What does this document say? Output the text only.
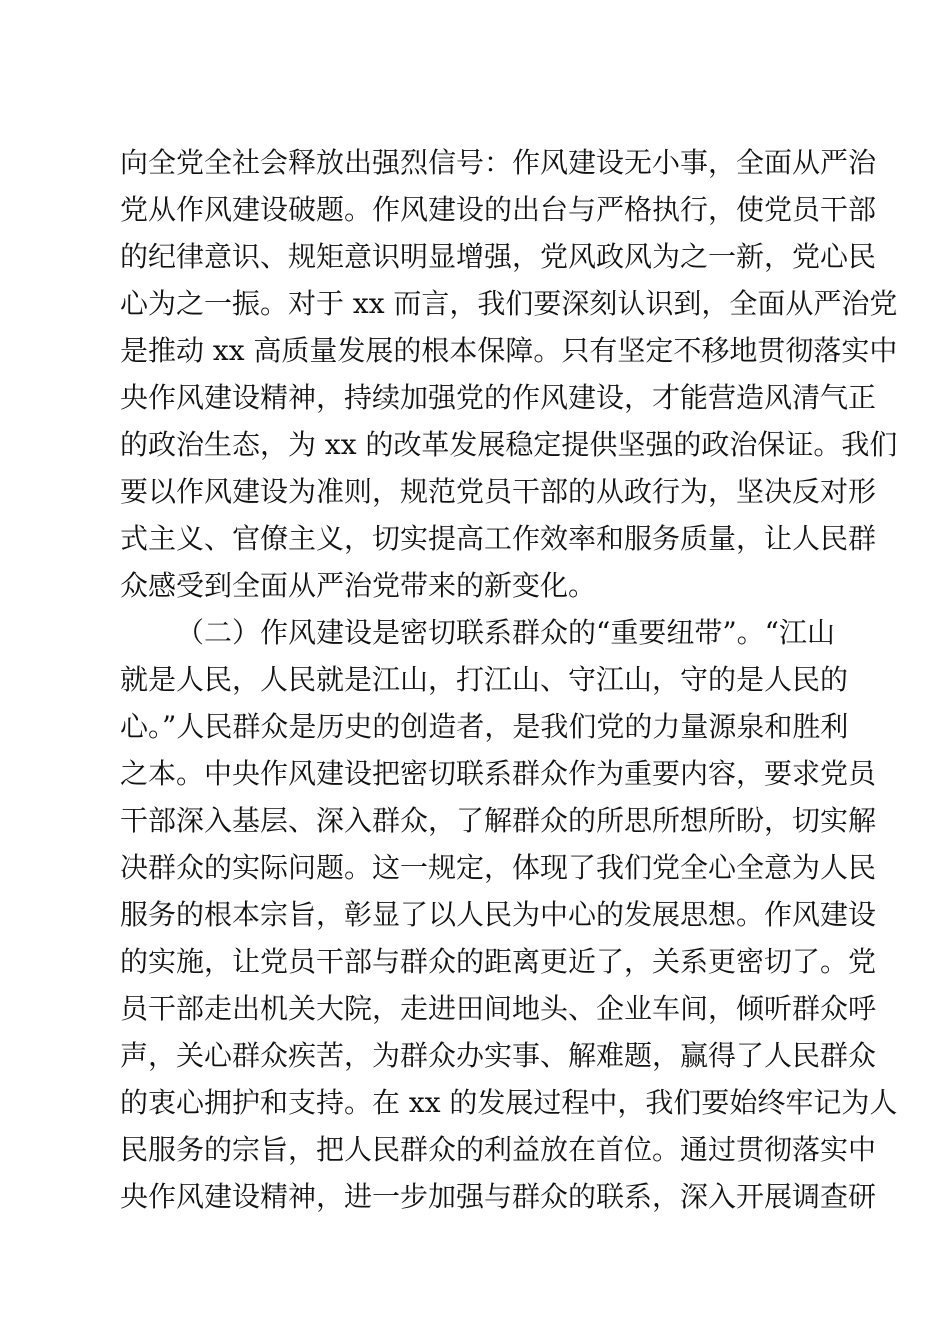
向全党全社会释放出强烈信号：作风建设无小事，全面从严治
党从作风建设破题。作风建设的出台与严格执行，使党员干部
的纪律意识、规矩意识明显增强，党风政风为之一新，党心民
心为之一振。对于 xx 而言，我们要深刻认识到，全面从严治党
是推动 xx 高质量发展的根本保障。只有坚定不移地贯彻落实中
央作风建设精神，持续加强党的作风建设，才能营造风清气正
的政治生态，为 xx 的改革发展稳定提供坚强的政治保证。我们
要以作风建设为准则，规范党员干部的从政行为，坚决反对形
式主义、官僚主义，切实提高工作效率和服务质量，让人民群
众感受到全面从严治党带来的新变化。
（二）作风建设是密切联系群众的“重要纽带”。“江山
就是人民，人民就是江山，打江山、守江山，守的是人民的
心。”人民群众是历史的创造者，是我们党的力量源泉和胜利
之本。中央作风建设把密切联系群众作为重要内容，要求党员
干部深入基层、深入群众，了解群众的所思所想所盼，切实解
决群众的实际问题。这一规定，体现了我们党全心全意为人民
服务的根本宗旨，彰显了以人民为中心的发展思想。作风建设
的实施，让党员干部与群众的距离更近了，关系更密切了。党
员干部走出机关大院，走进田间地头、企业车间，倾听群众呼
声，关心群众疾苦，为群众办实事、解难题，赢得了人民群众
的衷心拥护和支持。在 xx 的发展过程中，我们要始终牢记为人
民服务的宗旨，把人民群众的利益放在首位。通过贯彻落实中
央作风建设精神，进一步加强与群众的联系，深入开展调查研
